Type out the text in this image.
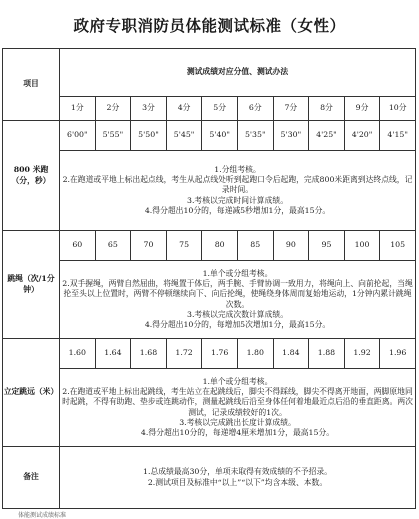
政府专职消防员体能测试标准（女性）
项目	测试成绩对应分值、测试办法									
	1分	2分	3分	4分	5分	6分	7分	8分	9分	10分
800 米跑（分，秒）	6'00"	5'55"	5'50"	5'45"	5'40"	5'35"	5'30"	4'25"	4'20"	4'15"

	1.分组考核。
2.在跑道或平地上标出起点线，考生从起点线处听到起跑口令后起跑，完成800米距离到达终点线，记录时间。
3.考核以完成时间计算成绩。
4.得分超出10分的，每递减5秒增加1分，最高15分。									

跳绳（次/1分钟）	60	65	70	75	80	85	90	95	100	105

	1.单个或分组考核。
2.双手握绳，两臂自然屈曲，将绳置于体后，两手腕、手臂协调一致用力，将绳向上、向前抡起，当绳抡至头以上位置时，两臂不停顿继续向下、向后抡绳，使绳绕身体周而复始地运动，1分钟内累计跳绳次数。
3.考核以完成次数计算成绩。
4.得分超出10分的，每增加5次增加1分，最高15分。									

立定跳远（米）	1.60	1.64	1.68	1.72	1.76	1.80	1.84	1.88	1.92	1.96

	1.单个或分组考核。
2.在跑道或平地上标出起跳线，考生站立在起跳线后，脚尖不得踩线，脚尖不得离开地面，两脚原地同时起跳，不得有助跑、垫步或连跳动作，测量起跳线后沿至身体任何着地最近点后沿的垂直距离。两次测试，记录成绩较好的1次。
3.考核以完成跳出长度计算成绩。
4.得分超出10分的，每递增4厘米增加1分，最高15分。									

备注	1.总成绩最高30分，单项未取得有效成绩的不予招录。
2.测试项目及标准中“以上”“以下”均含本级、本数。									
体能测试成绩标准
